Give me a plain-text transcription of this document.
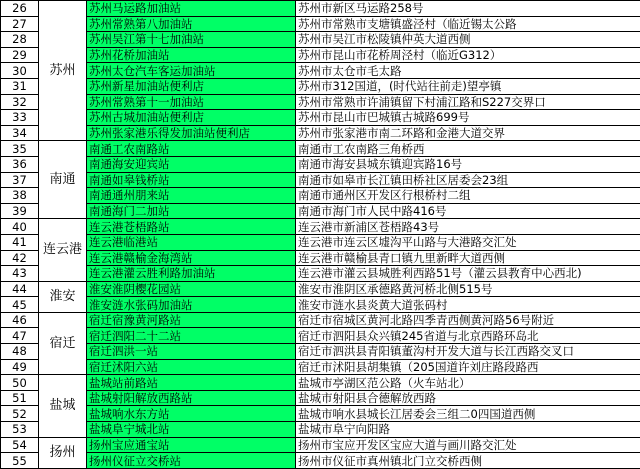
26	苏州	苏州马运路加油站	苏州市新区马运路258号
27		苏州常熟第八加油站	苏州市常熟市支塘镇盛泾村（临近锡太公路
28		苏州吴江第十七加油站	苏州市吴江市松陵镇仲英大道西侧
29		苏州花桥加油站	苏州市昆山市花桥周泾村（临近G312）
30		苏州太仓汽车客运加油站	苏州市太仓市毛太路
31		苏州新星加油站便利店	苏州市312国道，(时代站往前走)望亭镇
32		苏州常熟第十一加油站	苏州市常熟市许浦镇留下村浦江路和S227交界口
33		苏州古城加油站便利店	苏州市昆山市巴城镇古城路699号
34		苏州张家港乐得发加油站便利店	苏州市张家港市南二环路和金港大道交界
35	南通	南通工农南路站	南通市工农南路三角桥西
36		南通海安迎宾站	南通市海安县城东镇迎宾路16号
37		南通如皋钱桥站	南通市如皋市长江镇田桥社区居委会23组
38		南通通州朋来站	南通市通州区开发区行根桥村二组
39		南通海门二加站	南通市海门市人民中路416号
40	连云港	连云港苍梧路站	连云港市新浦区苍梧路43号
41		连云港临港站	连云港市连云区墟沟平山路与大港路交汇处
42		连云港赣榆金海湾站	连云港市赣榆县青口镇九里新畔大道西侧
43		连云港灌云胜利路加油站	连云港市灌云县城胜利西路51号（灌云县教育中心西北)
44	淮安	淮安淮阴樱花园站	淮安市淮阴区承德路黄河桥北侧515号
45		淮安涟水张码加油站	淮安市涟水县炎黄大道张码村
46	宿迁	宿迁宿豫黄河路站	宿迁市宿城区黄河北路四季青西侧黄河路56号附近
47		宿迁泗阳二十二站	宿迁市泗阳县众兴镇245省道与北京西路环岛北
48		宿迁泗洪一站	宿迁市泗洪县青阳镇董沟村开发大道与长江西路交叉口
49		宿迁沭阳六站	宿迁市沭阳县胡集镇（205国道许刘庄路段路西
50	盐城	盐城站前路站	盐城市亭湖区范公路（火车站北）
51		盐城射阳解放西路站	盐城市射阳县合德解放西路
52		盐城响水东方站	盐城市响水县城长江居委会三组二0四国道西侧
53		盐城阜宁城北站	盐城市阜宁向阳路
54	扬州	扬州宝应通宝站	扬州市宝应开发区宝应大道与画川路交汇处
55		扬州仪征立交桥站	扬州市仪征市真州镇北门立交桥西侧
